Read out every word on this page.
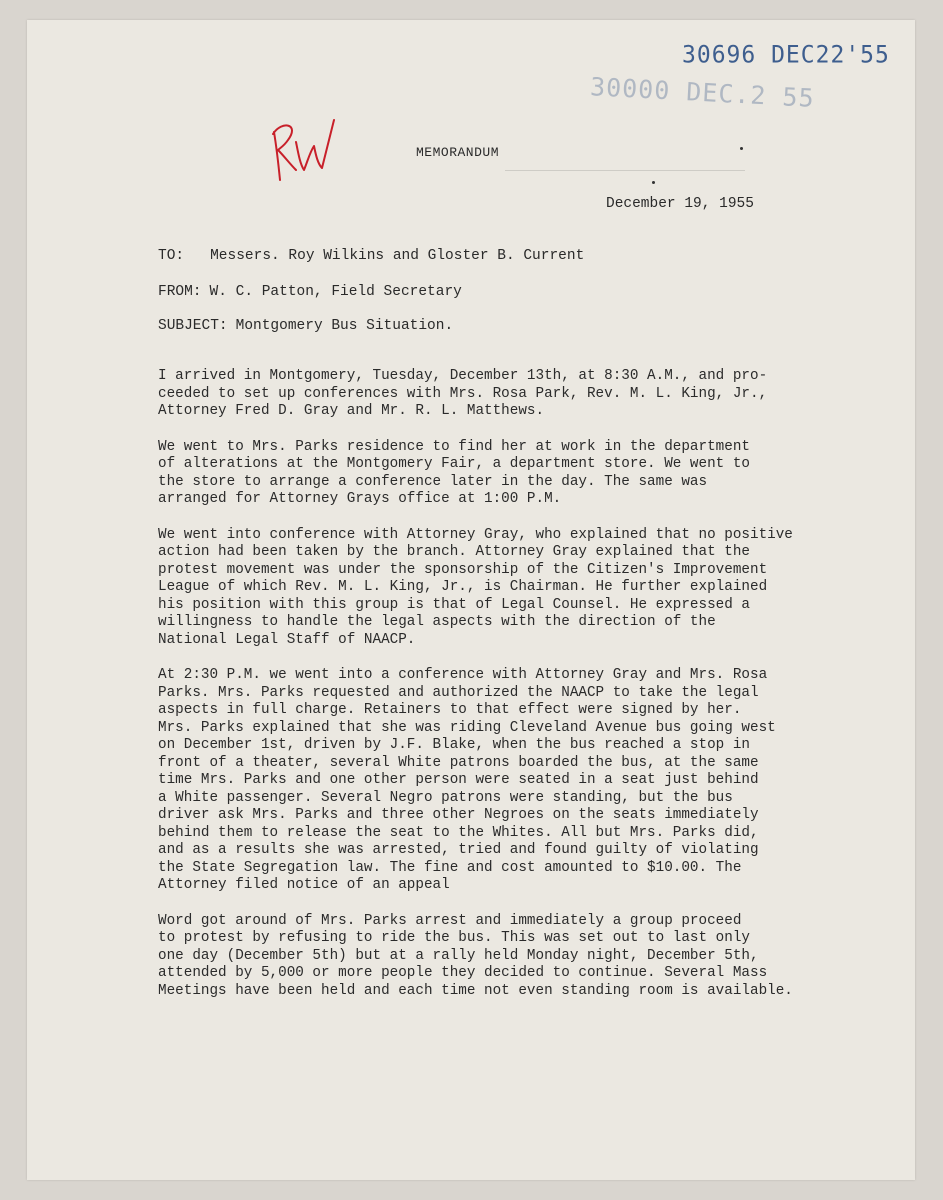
30696 DEC22'55
30000 DEC.2 55
MEMORANDUM
December 19, 1955
TO: Messers. Roy Wilkins and Gloster B. Current
FROM: W. C. Patton, Field Secretary
SUBJECT: Montgomery Bus Situation.
I arrived in Montgomery, Tuesday, December 13th, at 8:30 A.M., and pro-
ceeded to set up conferences with Mrs. Rosa Park, Rev. M. L. King, Jr.,
Attorney Fred D. Gray and Mr. R. L. Matthews.
We went to Mrs. Parks residence to find her at work in the department
of alterations at the Montgomery Fair, a department store. We went to
the store to arrange a conference later in the day. The same was
arranged for Attorney Grays office at 1:00 P.M.
We went into conference with Attorney Gray, who explained that no positive
action had been taken by the branch. Attorney Gray explained that the
protest movement was under the sponsorship of the Citizen's Improvement
League of which Rev. M. L. King, Jr., is Chairman. He further explained
his position with this group is that of Legal Counsel. He expressed a
willingness to handle the legal aspects with the direction of the
National Legal Staff of NAACP.
At 2:30 P.M. we went into a conference with Attorney Gray and Mrs. Rosa
Parks. Mrs. Parks requested and authorized the NAACP to take the legal
aspects in full charge. Retainers to that effect were signed by her.
Mrs. Parks explained that she was riding Cleveland Avenue bus going west
on December 1st, driven by J.F. Blake, when the bus reached a stop in
front of a theater, several White patrons boarded the bus, at the same
time Mrs. Parks and one other person were seated in a seat just behind
a White passenger. Several Negro patrons were standing, but the bus
driver ask Mrs. Parks and three other Negroes on the seats immediately
behind them to release the seat to the Whites. All but Mrs. Parks did,
and as a results she was arrested, tried and found guilty of violating
the State Segregation law. The fine and cost amounted to $10.00. The
Attorney filed notice of an appeal
Word got around of Mrs. Parks arrest and immediately a group proceed
to protest by refusing to ride the bus. This was set out to last only
one day (December 5th) but at a rally held Monday night, December 5th,
attended by 5,000 or more people they decided to continue. Several Mass
Meetings have been held and each time not even standing room is available.
